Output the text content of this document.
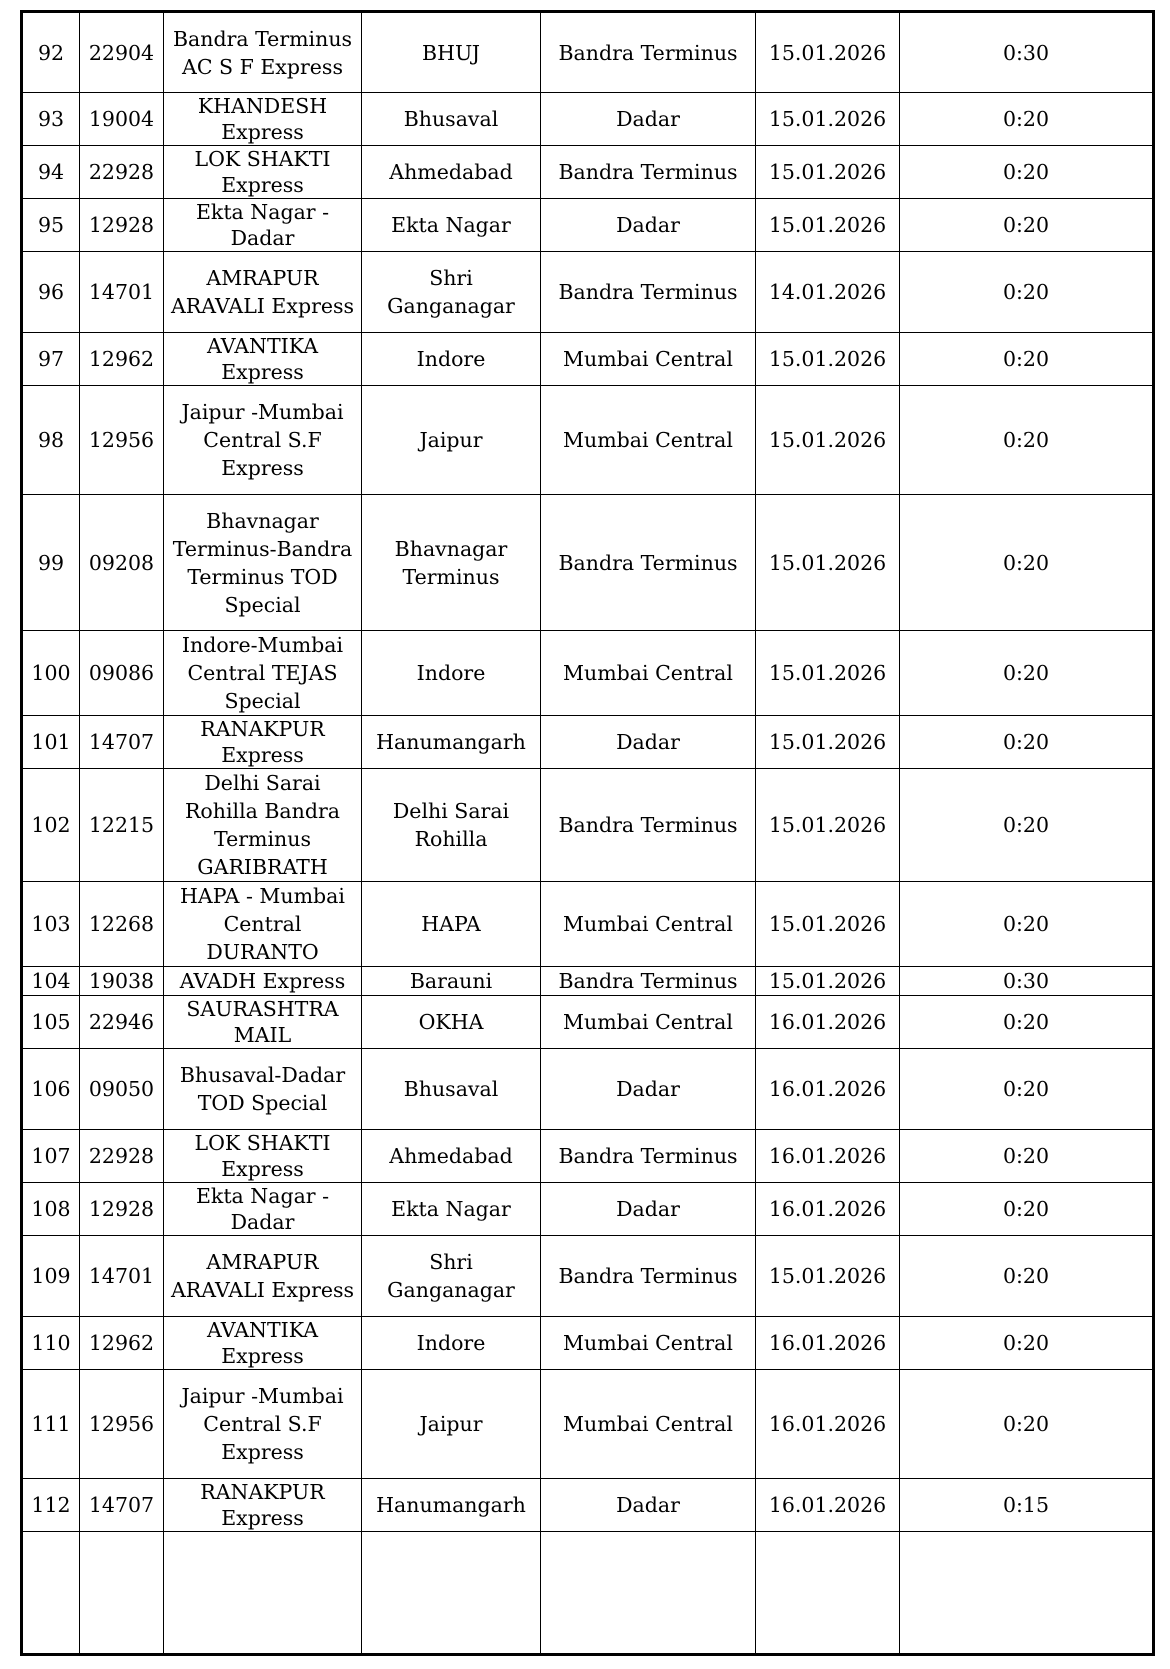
92	22904	Bandra Terminus AC S F Express	BHUJ	Bandra Terminus	15.01.2026	0:30
93	19004	KHANDESH Express	Bhusaval	Dadar	15.01.2026	0:20
94	22928	LOK SHAKTI Express	Ahmedabad	Bandra Terminus	15.01.2026	0:20
95	12928	Ekta Nagar - Dadar	Ekta Nagar	Dadar	15.01.2026	0:20
96	14701	AMRAPUR ARAVALI Express	Shri Ganganagar	Bandra Terminus	14.01.2026	0:20
97	12962	AVANTIKA Express	Indore	Mumbai Central	15.01.2026	0:20
98	12956	Jaipur -Mumbai Central S.F Express	Jaipur	Mumbai Central	15.01.2026	0:20
99	09208	Bhavnagar Terminus-Bandra Terminus TOD Special	Bhavnagar Terminus	Bandra Terminus	15.01.2026	0:20
100	09086	Indore-Mumbai Central TEJAS Special	Indore	Mumbai Central	15.01.2026	0:20
101	14707	RANAKPUR Express	Hanumangarh	Dadar	15.01.2026	0:20
102	12215	Delhi Sarai Rohilla Bandra Terminus GARIBRATH	Delhi Sarai Rohilla	Bandra Terminus	15.01.2026	0:20
103	12268	HAPA - Mumbai Central DURANTO	HAPA	Mumbai Central	15.01.2026	0:20
104	19038	AVADH Express	Barauni	Bandra Terminus	15.01.2026	0:30
105	22946	SAURASHTRA MAIL	OKHA	Mumbai Central	16.01.2026	0:20
106	09050	Bhusaval-Dadar TOD Special	Bhusaval	Dadar	16.01.2026	0:20
107	22928	LOK SHAKTI Express	Ahmedabad	Bandra Terminus	16.01.2026	0:20
108	12928	Ekta Nagar - Dadar	Ekta Nagar	Dadar	16.01.2026	0:20
109	14701	AMRAPUR ARAVALI Express	Shri Ganganagar	Bandra Terminus	15.01.2026	0:20
110	12962	AVANTIKA Express	Indore	Mumbai Central	16.01.2026	0:20
111	12956	Jaipur -Mumbai Central S.F Express	Jaipur	Mumbai Central	16.01.2026	0:20
112	14707	RANAKPUR Express	Hanumangarh	Dadar	16.01.2026	0:15
